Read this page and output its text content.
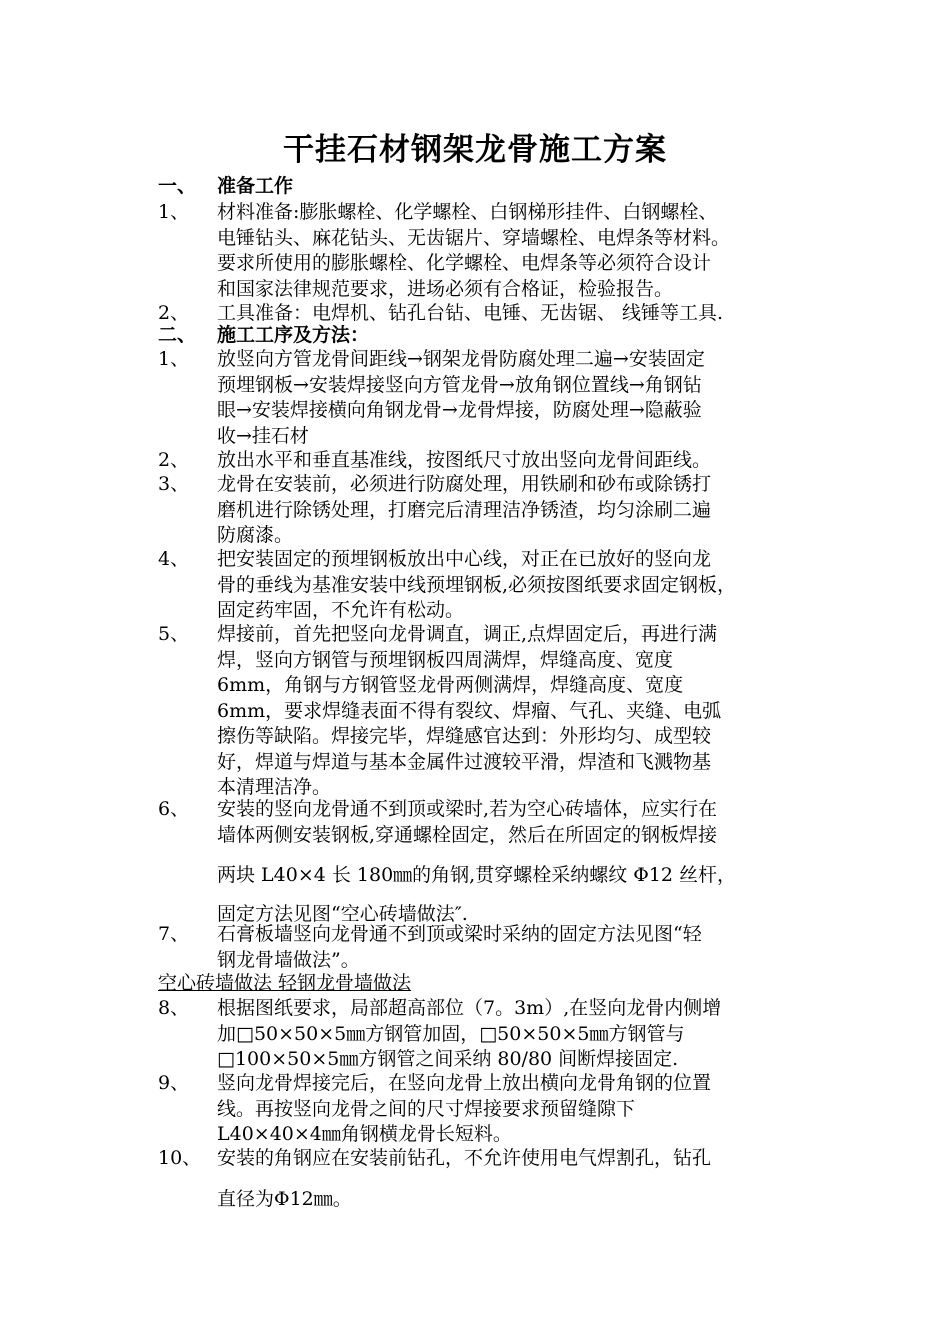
干挂石材钢架龙骨施工方案
一、 准备工作
1、 材料准备:膨胀螺栓、化学螺栓、白钢梯形挂件、白钢螺栓、
电锤钻头、麻花钻头、无齿锯片、穿墙螺栓、电焊条等材料。
要求所使用的膨胀螺栓、化学螺栓、电焊条等必须符合设计
和国家法律规范要求，进场必须有合格证，检验报告。
2、 工具准备：电焊机、钻孔台钻、电锤、无齿锯、 线锤等工具.
二、 施工工序及方法：
1、 放竖向方管龙骨间距线→钢架龙骨防腐处理二遍→安装固定
预埋钢板→安装焊接竖向方管龙骨→放角钢位置线→角钢钻
眼→安装焊接横向角钢龙骨→龙骨焊接，防腐处理→隐蔽验
收→挂石材
2、 放出水平和垂直基准线，按图纸尺寸放出竖向龙骨间距线。
3、 龙骨在安装前，必须进行防腐处理，用铁刷和砂布或除锈打
磨机进行除锈处理，打磨完后清理洁净锈渣，均匀涂刷二遍
防腐漆。
4、 把安装固定的预埋钢板放出中心线，对正在已放好的竖向龙
骨的垂线为基准安装中线预埋钢板,必须按图纸要求固定钢板，
固定药牢固，不允许有松动。
5、 焊接前，首先把竖向龙骨调直，调正,点焊固定后，再进行满
焊，竖向方钢管与预埋钢板四周满焊，焊缝高度、宽度
6mm，角钢与方钢管竖龙骨两侧满焊，焊缝高度、宽度
6mm，要求焊缝表面不得有裂纹、焊瘤、气孔、夹缝、电弧
擦伤等缺陷。焊接完毕，焊缝感官达到：外形均匀、成型较
好，焊道与焊道与基本金属件过渡较平滑，焊渣和飞溅物基
本清理洁净。
6、 安装的竖向龙骨通不到顶或梁时,若为空心砖墙体，应实行在
墙体两侧安装钢板,穿通螺栓固定，然后在所固定的钢板焊接
两块 L40×4 长 180㎜的角钢,贯穿螺栓采纳螺纹 Φ12 丝杆，
固定方法见图“空心砖墙做法″.
7、 石膏板墙竖向龙骨通不到顶或梁时采纳的固定方法见图“轻
钢龙骨墙做法”。
空心砖墙做法 轻钢龙骨墙做法
8、 根据图纸要求，局部超高部位（7。3m）,在竖向龙骨内侧增
加□50×50×5㎜方钢管加固，□50×50×5㎜方钢管与
□100×50×5㎜方钢管之间采纳 80/80 间断焊接固定.
9、 竖向龙骨焊接完后，在竖向龙骨上放出横向龙骨角钢的位置
线。再按竖向龙骨之间的尺寸焊接要求预留缝隙下
L40×40×4㎜角钢横龙骨长短料。
10、 安装的角钢应在安装前钻孔，不允许使用电气焊割孔，钻孔
直径为Φ12㎜。
